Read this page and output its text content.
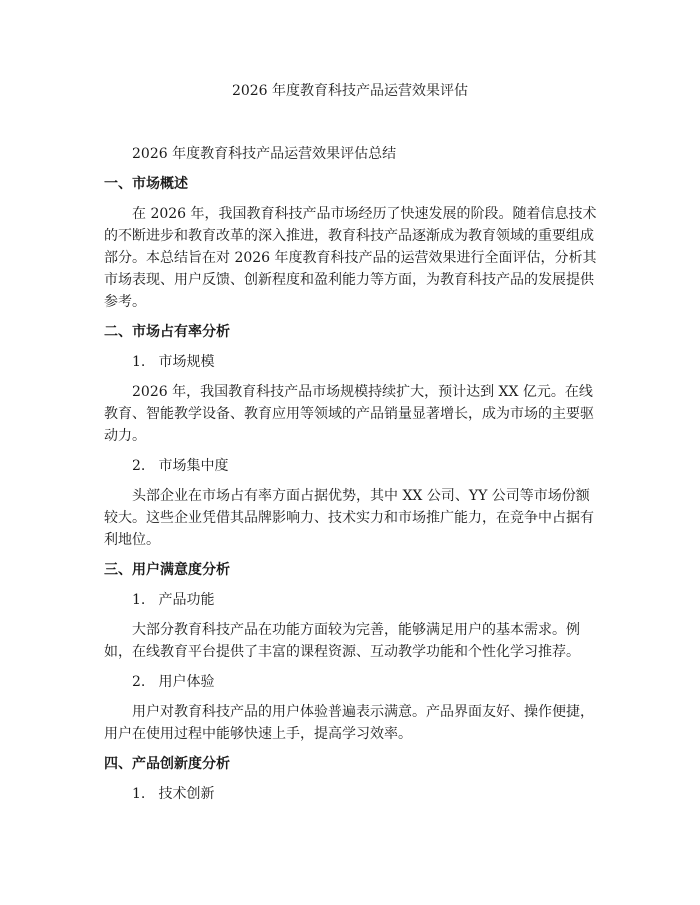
2026 年度教育科技产品运营效果评估
2026 年度教育科技产品运营效果评估总结
一、市场概述
在 2026 年，我国教育科技产品市场经历了快速发展的阶段。随着信息技术的不断进步和教育改革的深入推进，教育科技产品逐渐成为教育领域的重要组成部分。本总结旨在对 2026 年度教育科技产品的运营效果进行全面评估，分析其市场表现、用户反馈、创新程度和盈利能力等方面，为教育科技产品的发展提供参考。
二、市场占有率分析
1. 市场规模
2026 年，我国教育科技产品市场规模持续扩大，预计达到 XX 亿元。在线教育、智能教学设备、教育应用等领域的产品销量显著增长，成为市场的主要驱动力。
2. 市场集中度
头部企业在市场占有率方面占据优势，其中 XX 公司、YY 公司等市场份额较大。这些企业凭借其品牌影响力、技术实力和市场推广能力，在竞争中占据有利地位。
三、用户满意度分析
1. 产品功能
大部分教育科技产品在功能方面较为完善，能够满足用户的基本需求。例如，在线教育平台提供了丰富的课程资源、互动教学功能和个性化学习推荐。
2. 用户体验
用户对教育科技产品的用户体验普遍表示满意。产品界面友好、操作便捷，用户在使用过程中能够快速上手，提高学习效率。
四、产品创新度分析
1. 技术创新
